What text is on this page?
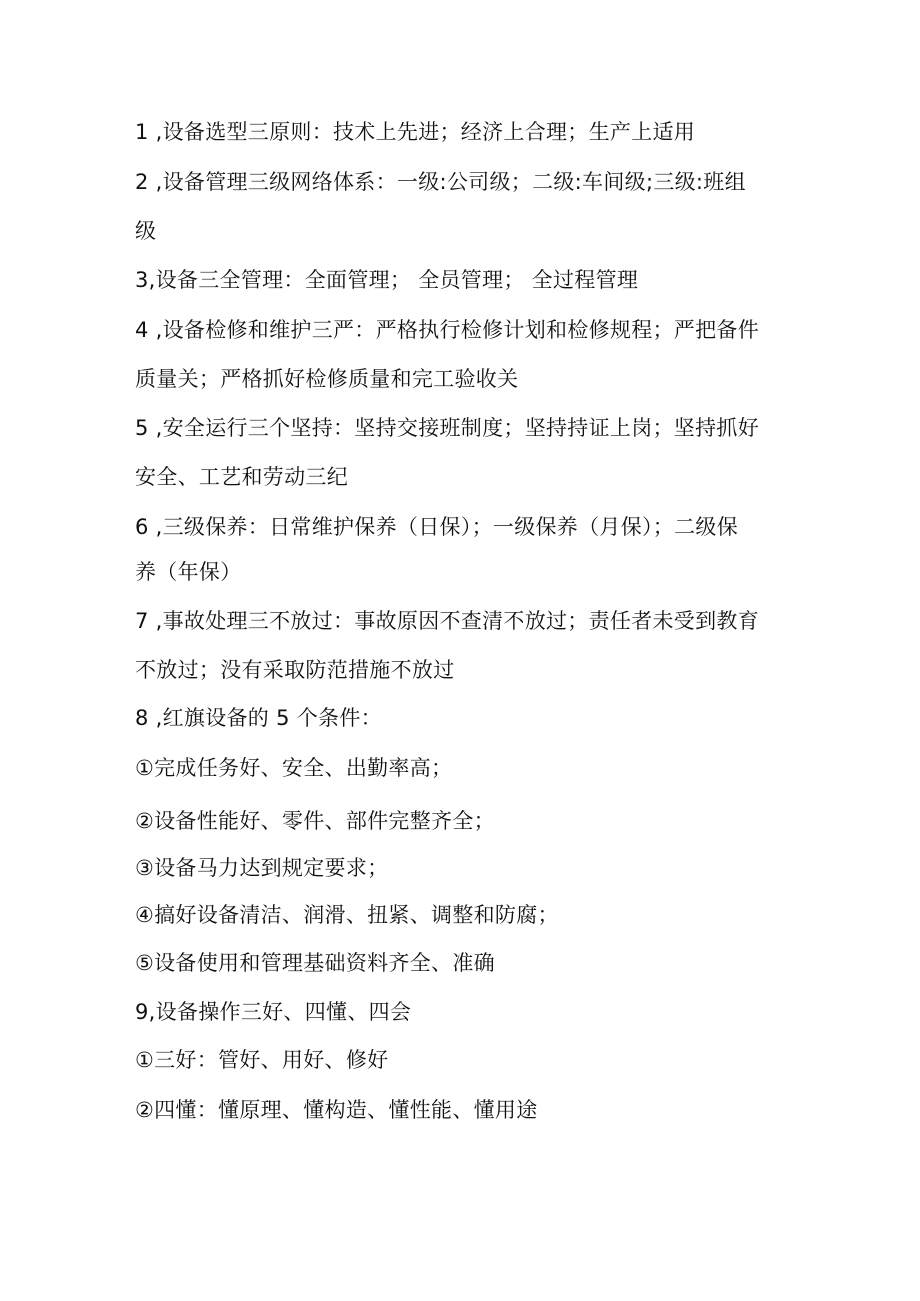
1 ,设备选型三原则：技术上先进；经济上合理；生产上适用
2 ,设备管理三级网络体系：一级:公司级；二级:车间级;三级:班组
级
3,设备三全管理：全面管理； 全员管理； 全过程管理
4 ,设备检修和维护三严：严格执行检修计划和检修规程；严把备件
质量关；严格抓好检修质量和完工验收关
5 ,安全运行三个坚持：坚持交接班制度；坚持持证上岗；坚持抓好
安全、工艺和劳动三纪
6 ,三级保养：日常维护保养（日保）；一级保养（月保）；二级保
养（年保）
7 ,事故处理三不放过：事故原因不查清不放过；责任者未受到教育
不放过；没有采取防范措施不放过
8 ,红旗设备的 5 个条件：
①完成任务好、安全、出勤率高；
②设备性能好、零件、部件完整齐全；
③设备马力达到规定要求；
④搞好设备清洁、润滑、扭紧、调整和防腐；
⑤设备使用和管理基础资料齐全、准确
9,设备操作三好、四懂、四会
①三好：管好、用好、修好
②四懂：懂原理、懂构造、懂性能、懂用途
